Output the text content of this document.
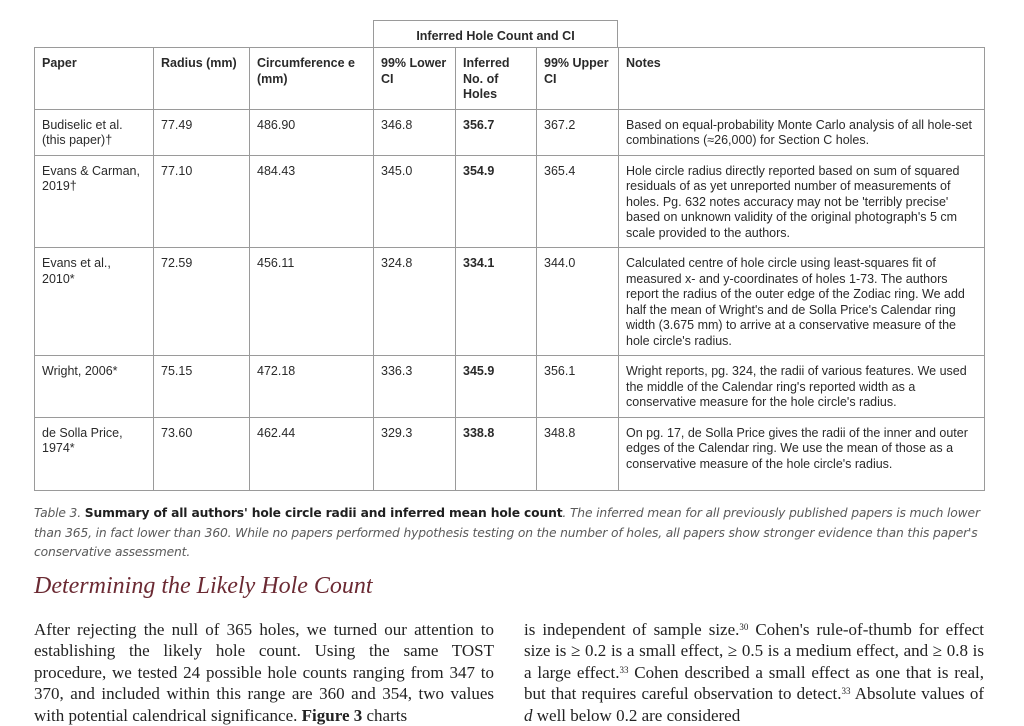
Inferred Hole Count and CI
Paper	Radius (mm)	Circumference e (mm)	99% Lower CI	Inferred No. of Holes	99% Upper CI	Notes
Budiselic et al. (this paper)†	77.49	486.90	346.8	356.7	367.2	Based on equal-probability Monte Carlo analysis of all hole-set combinations (≈26,000) for Section C holes.
Evans & Carman, 2019†	77.10	484.43	345.0	354.9	365.4	Hole circle radius directly reported based on sum of squared residuals of as yet unreported number of measurements of holes. Pg. 632 notes accuracy may not be 'terribly precise' based on unknown validity of the original photograph's 5 cm scale provided to the authors.
Evans et al., 2010*	72.59	456.11	324.8	334.1	344.0	Calculated centre of hole circle using least-squares fit of measured x- and y-coordinates of holes 1-73. The authors report the radius of the outer edge of the Zodiac ring. We add half the mean of Wright's and de Solla Price's Calendar ring width (3.675 mm) to arrive at a conservative measure of the hole circle's radius.
Wright, 2006*	75.15	472.18	336.3	345.9	356.1	Wright reports, pg. 324, the radii of various features. We used the middle of the Calendar ring's reported width as a conservative measure for the hole circle's radius.
de Solla Price, 1974*	73.60	462.44	329.3	338.8	348.8	On pg. 17, de Solla Price gives the radii of the inner and outer edges of the Calendar ring. We use the mean of those as a conservative measure of the hole circle's radius.

Table 3. Summary of all authors' hole circle radii and inferred mean hole count. The inferred mean for all previously published papers is much lower than 365, in fact lower than 360. While no papers performed hypothesis testing on the number of holes, all papers show stronger evidence than this paper's conservative assessment.

Determining the Likely Hole Count

After rejecting the null of 365 holes, we turned our attention to establishing the likely hole count. Using the same TOST procedure, we tested 24 possible hole counts ranging from 347 to 370, and included within this range are 360 and 354, two values with potential calendrical significance. Figure 3 charts

is independent of sample size.$^{30}$ Cohen's rule-of-thumb for effect size is ≥ 0.2 is a small effect, ≥ 0.5 is a medium effect, and ≥ 0.8 is a large effect.$^{33}$ Cohen described a small effect as one that is real, but that requires careful observation to detect.$^{33}$ Absolute values of d well below 0.2 are considered
